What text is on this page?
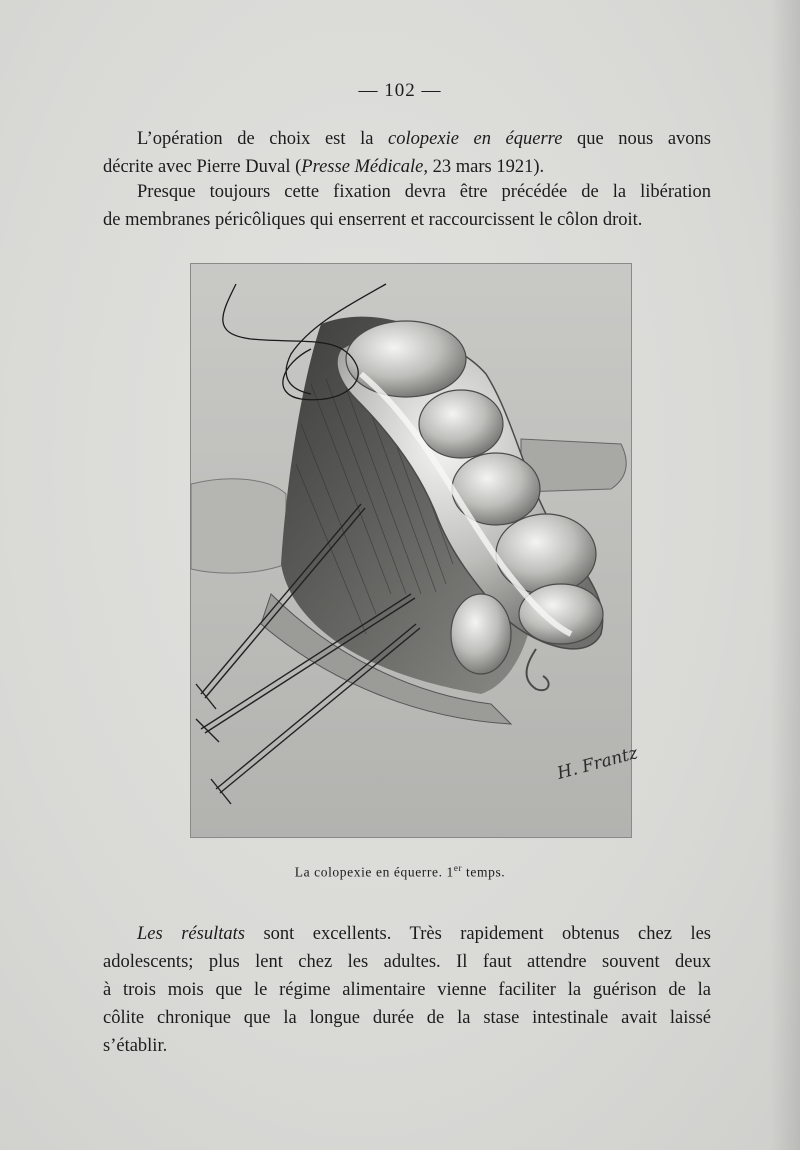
— 102 —
L’opération de choix est la colopexie en équerre que nous avons
décrite avec Pierre Duval (Presse Médicale, 23 mars 1921).
Presque toujours cette fixation devra être précédée de la libération
de membranes péricôliques qui enserrent et raccourcissent le côlon droit.
H. Frantz
La colopexie en équerre. 1er temps.
Les résultats sont excellents. Très rapidement obtenus chez les
adolescents; plus lent chez les adultes. Il faut attendre souvent deux
à trois mois que le régime alimentaire vienne faciliter la guérison de la
côlite chronique que la longue durée de la stase intestinale avait laissé
s’établir.
